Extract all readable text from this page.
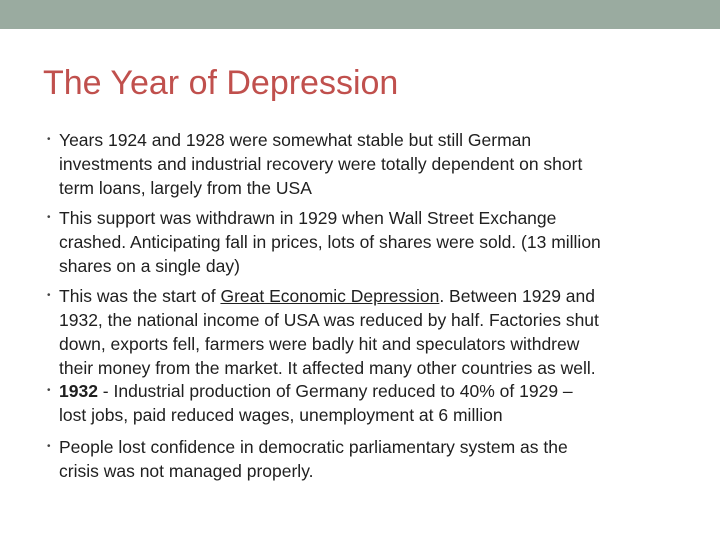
The Year of Depression
• Years 1924 and 1928 were somewhat stable but still German
investments and industrial recovery were totally dependent on short
term loans, largely from the USA

• This support was withdrawn in 1929 when Wall Street Exchange
crashed. Anticipating fall in prices, lots of shares were sold. (13 million
shares on a single day)

• This was the start of Great Economic Depression. Between 1929 and
1932, the national income of USA was reduced by half. Factories shut
down, exports fell, farmers were badly hit and speculators withdrew
their money from the market. It affected many other countries as well.

• 1932 - Industrial production of Germany reduced to 40% of 1929 –
lost jobs, paid reduced wages, unemployment at 6 million

• People lost confidence in democratic parliamentary system as the
crisis was not managed properly.
